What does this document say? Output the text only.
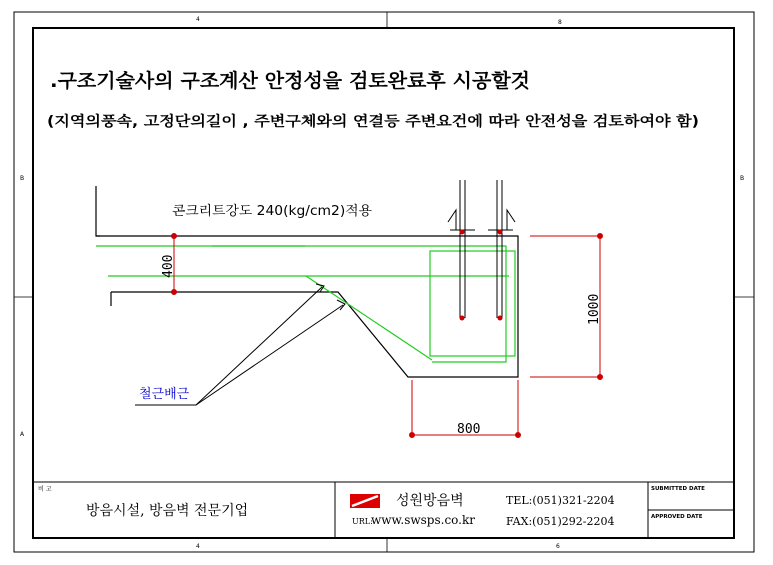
4	8
B
A
B
4	6
.구조기술사의 구조계산 안정성을 검토완료후 시공할것
(지역의풍속, 고정단의길이 , 주변구체와의 연결등 주변요건에 따라 안전성을 검토하여야 함)
콘크리트강도 240(kg/cm2)적용
400
1000
800
철근배근
비 고
방음시설, 방음벽 전문기업
성원방음벽
URL:
www.swsps.co.kr
TEL:(051)321-2204
FAX:(051)292-2204
SUBMITTED DATE
APPROVED DATE
